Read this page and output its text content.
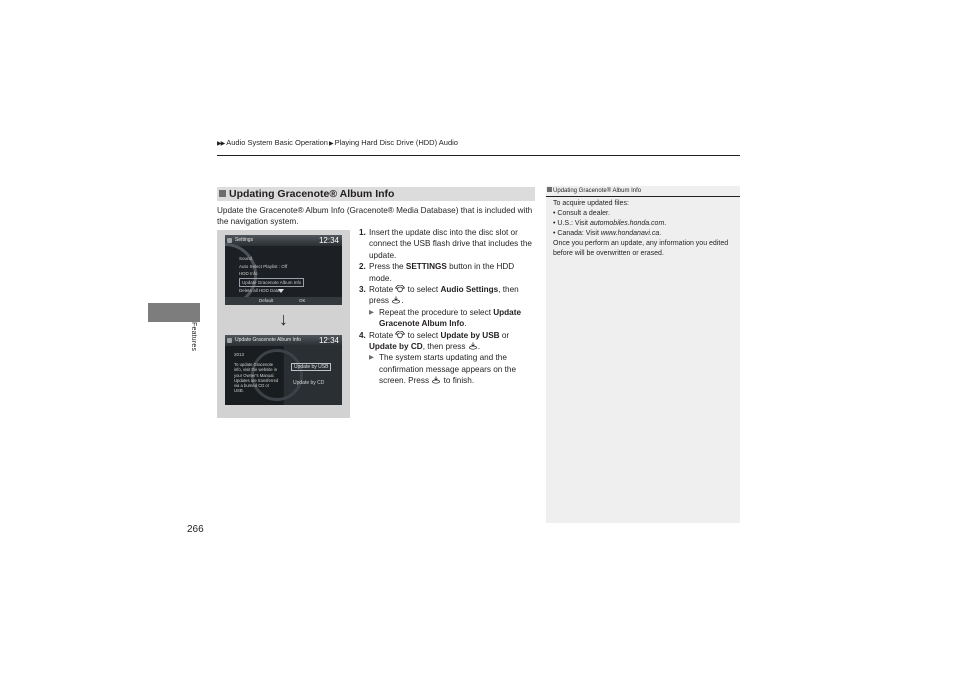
▶▶ Audio System Basic Operation▶ Playing Hard Disc Drive (HDD) Audio
Features
266
Updating Gracenote® Album Info
Update the Gracenote® Album Info (Gracenote® Media Database) that is included with the navigation system.
Settings	12:34
Sound
Auto Select Playlist : Off
HDD Info
Update Gracenote Album Info
Delete all HDD Data
Default	OK
Update Gracenote Album Info 12:34
2013
To update Gracenote info, visit the website in your Owner's Manual. Updates are transferred via a burned CD or USB.
Update by USB
Update by CD
↓
1. Insert the update disc into the disc slot or connect the USB flash drive that includes the update.
2. Press the SETTINGS button in the HDD mode.
3. Rotate  to select Audio Settings, then press .
▶ Repeat the procedure to select Update Gracenote Album Info.
4. Rotate  to select Update by USB or Update by CD, then press .
▶ The system starts updating and the confirmation message appears on the screen. Press  to finish.
Updating Gracenote® Album Info
To acquire updated files:
• Consult a dealer.
• U.S.: Visit automobiles.honda.com.
• Canada: Visit www.hondanavi.ca.
Once you perform an update, any information you edited before will be overwritten or erased.
